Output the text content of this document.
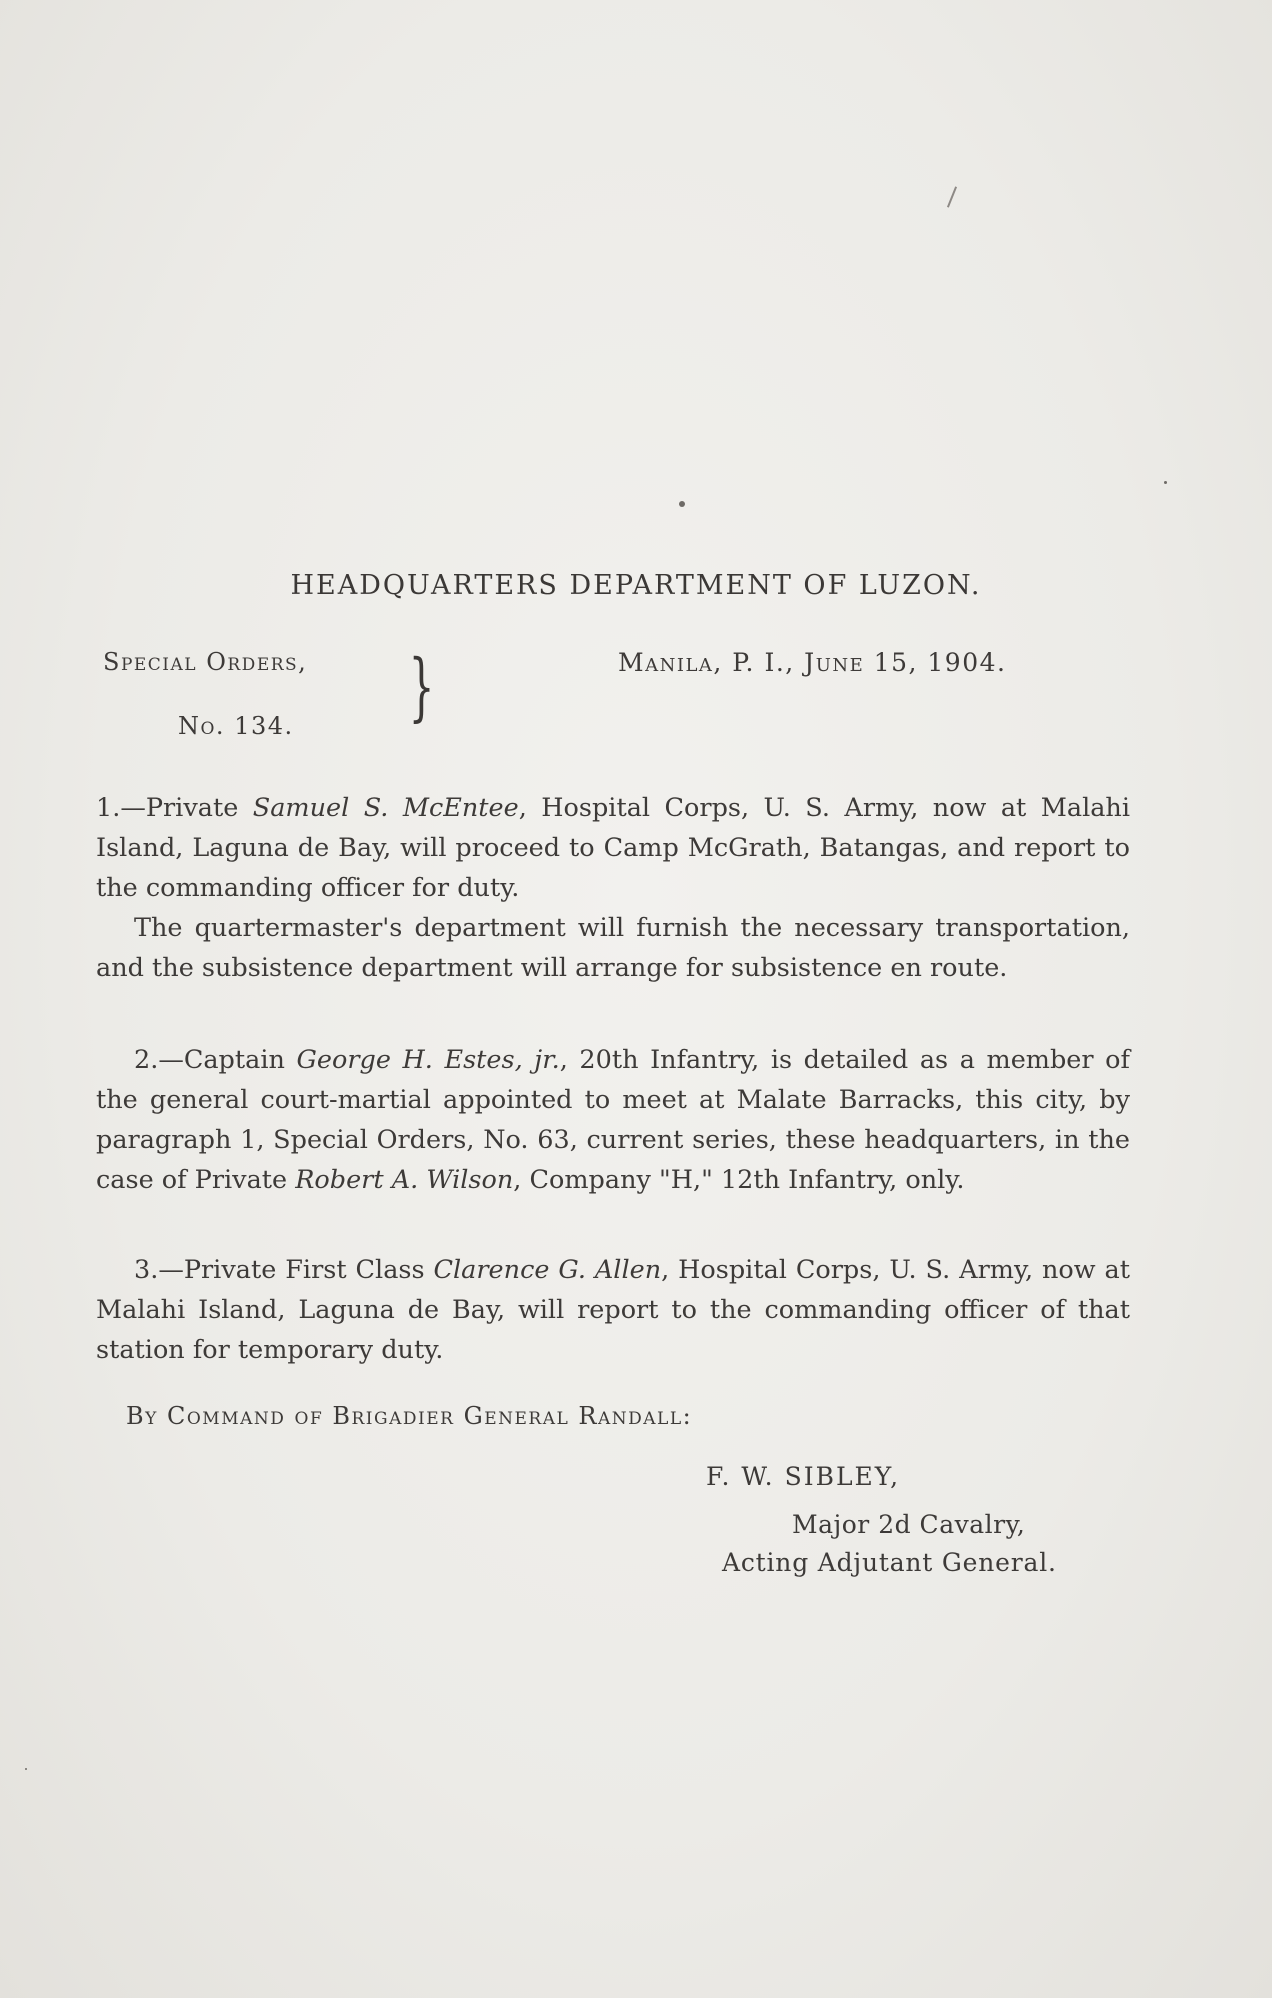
HEADQUARTERS DEPARTMENT OF LUZON.
Special Orders,
No. 134. }	Manila, P. I., June 15, 1904.

1.—Private Samuel S. McEntee, Hospital Corps, U. S. Army, now at Malahi Island, Laguna de Bay, will proceed to Camp McGrath, Batangas, and report to the commanding officer for duty.

The quartermaster's department will furnish the necessary transportation, and the subsistence department will arrange for subsistence en route.

2.—Captain George H. Estes, jr., 20th Infantry, is detailed as a member of the general court-martial appointed to meet at Malate Barracks, this city, by paragraph 1, Special Orders, No. 63, current series, these headquarters, in the case of Private Robert A. Wilson, Company "H," 12th Infantry, only.

3.—Private First Class Clarence G. Allen, Hospital Corps, U. S. Army, now at Malahi Island, Laguna de Bay, will report to the commanding officer of that station for temporary duty.

By Command of Brigadier General Randall:
F. W. SIBLEY,
Major 2d Cavalry,
Acting Adjutant General.
